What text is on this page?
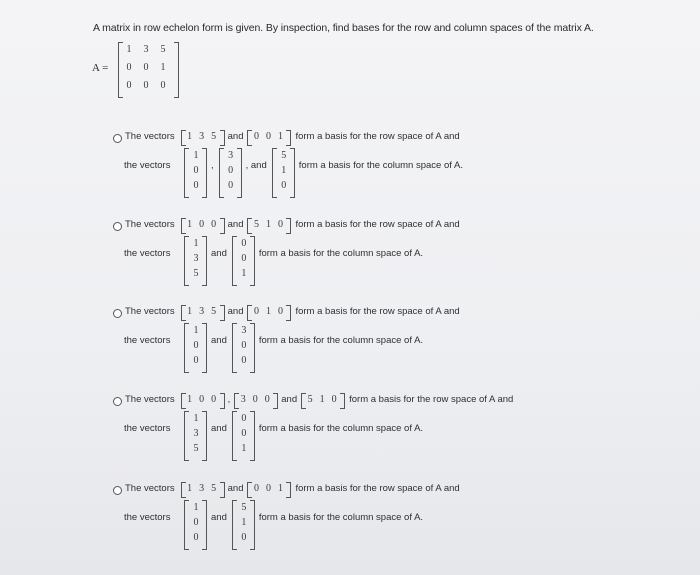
A matrix in row echelon form is given. By inspection, find bases for the row and column spaces of the matrix A.
A =
1 3 5
0 0 1
0 0 0
The vectors 1 3 5 and 0 0 1 form a basis for the row space of A and
the vectors
1
0
0
,
3
0
0
, and
5
1
0
form a basis for the column space of A.
The vectors 1 0 0 and 5 1 0 form a basis for the row space of A and
the vectors
1
3
5
and
0
0
1
form a basis for the column space of A.
The vectors 1 3 5 and 0 1 0 form a basis for the row space of A and
the vectors
1
0
0
and
3
0
0
form a basis for the column space of A.
The vectors 1 0 0 , 3 0 0 and 5 1 0 form a basis for the row space of A and
the vectors
1
3
5
and
0
0
1
form a basis for the column space of A.
The vectors 1 3 5 and 0 0 1 form a basis for the row space of A and
the vectors
1
0
0
and
5
1
0
form a basis for the column space of A.
